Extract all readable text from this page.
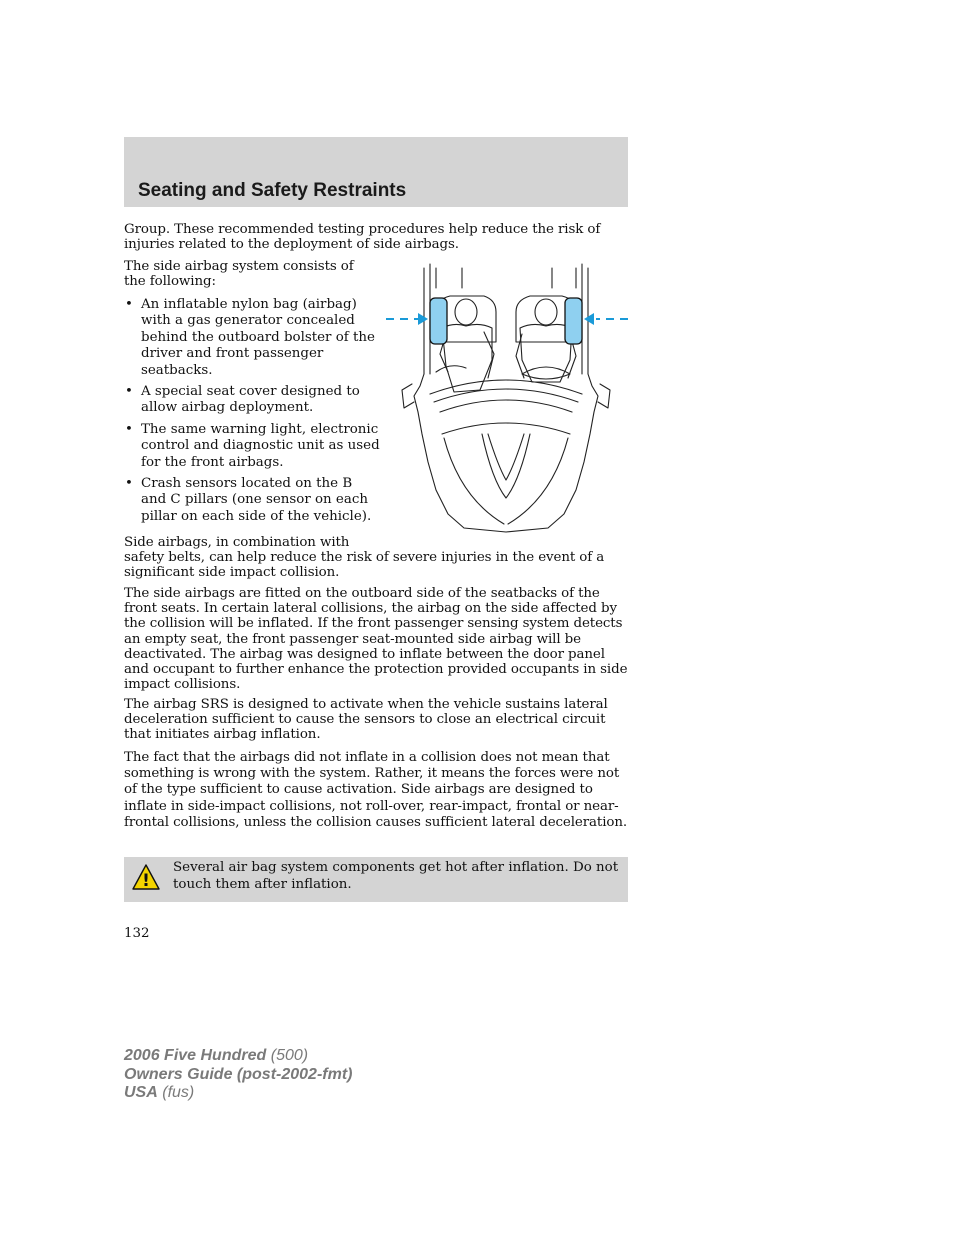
Seating and Safety Restraints

Group. These recommended testing procedures help reduce the risk of injuries related to the deployment of side airbags.

The side airbag system consists of the following:

• An inflatable nylon bag (airbag) with a gas generator concealed behind the outboard bolster of the driver and front passenger seatbacks.
• A special seat cover designed to allow airbag deployment.
• The same warning light, electronic control and diagnostic unit as used for the front airbags.
• Crash sensors located on the B and C pillars (one sensor on each pillar on each side of the vehicle).

Side airbags, in combination with

safety belts, can help reduce the risk of severe injuries in the event of a significant side impact collision.

The side airbags are fitted on the outboard side of the seatbacks of the front seats. In certain lateral collisions, the airbag on the side affected by the collision will be inflated. If the front passenger sensing system detects an empty seat, the front passenger seat-mounted side airbag will be deactivated. The airbag was designed to inflate between the door panel and occupant to further enhance the protection provided occupants in side impact collisions.

The airbag SRS is designed to activate when the vehicle sustains lateral deceleration sufficient to cause the sensors to close an electrical circuit that initiates airbag inflation.

The fact that the airbags did not inflate in a collision does not mean that something is wrong with the system. Rather, it means the forces were not of the type sufficient to cause activation. Side airbags are designed to inflate in side-impact collisions, not roll-over, rear-impact, frontal or near-frontal collisions, unless the collision causes sufficient lateral deceleration.

!

Several air bag system components get hot after inflation. Do not touch them after inflation.

132

2006 Five Hundred (500)
Owners Guide (post-2002-fmt)
USA (fus)
